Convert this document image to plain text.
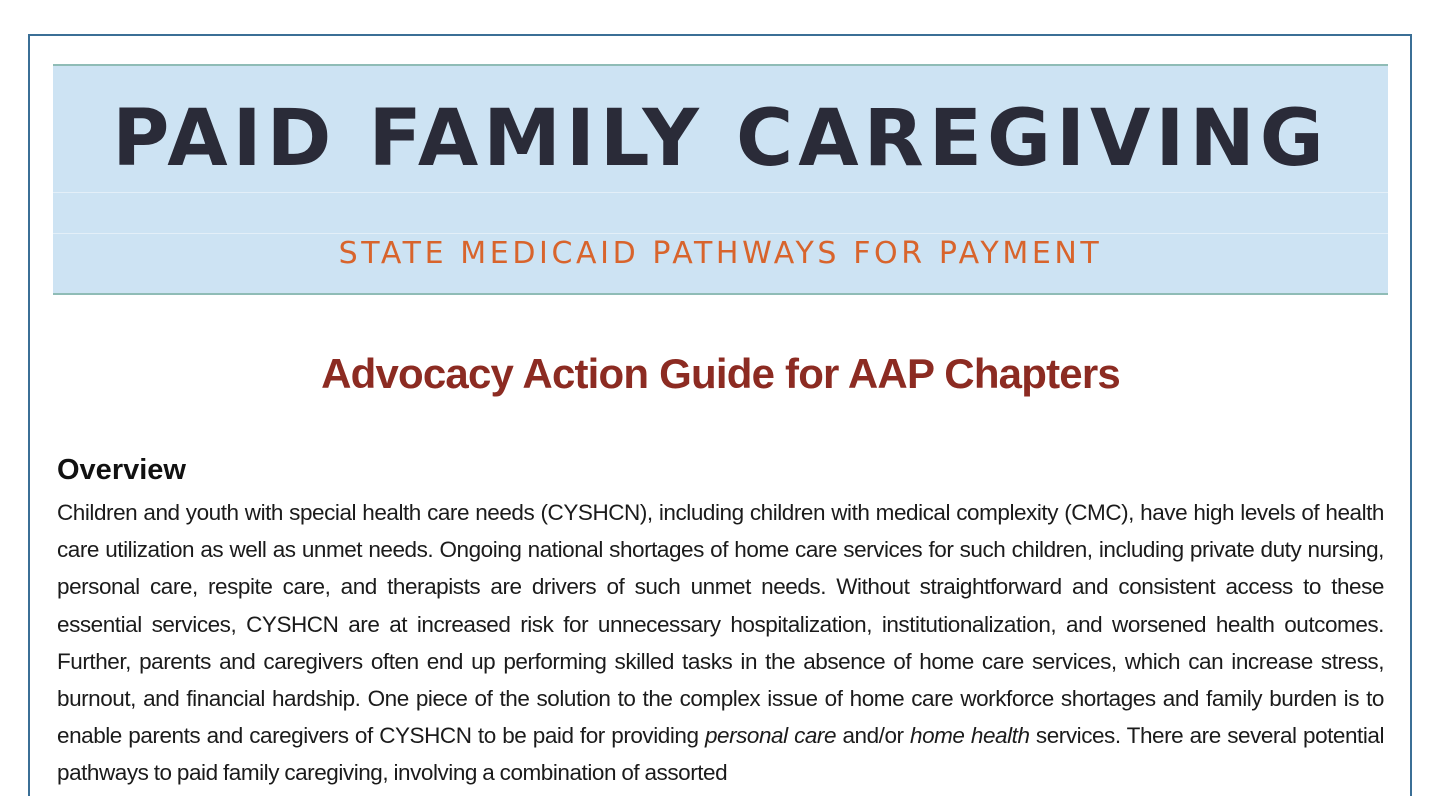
PAID FAMILY CAREGIVING
STATE MEDICAID PATHWAYS FOR PAYMENT
Advocacy Action Guide for AAP Chapters
Overview

Children and youth with special health care needs (CYSHCN), including children with medical complexity (CMC), have high levels of health care utilization as well as unmet needs. Ongoing national shortages of home care services for such children, including private duty nursing, personal care, respite care, and therapists are drivers of such unmet needs. Without straightforward and consistent access to these essential services, CYSHCN are at increased risk for unnecessary hospitalization, institutionalization, and worsened health outcomes. Further, parents and caregivers often end up performing skilled tasks in the absence of home care services, which can increase stress, burnout, and financial hardship. One piece of the solution to the complex issue of home care workforce shortages and family burden is to enable parents and caregivers of CYSHCN to be paid for providing personal care and/or home health services. There are several potential pathways to paid family caregiving, involving a combination of assorted
